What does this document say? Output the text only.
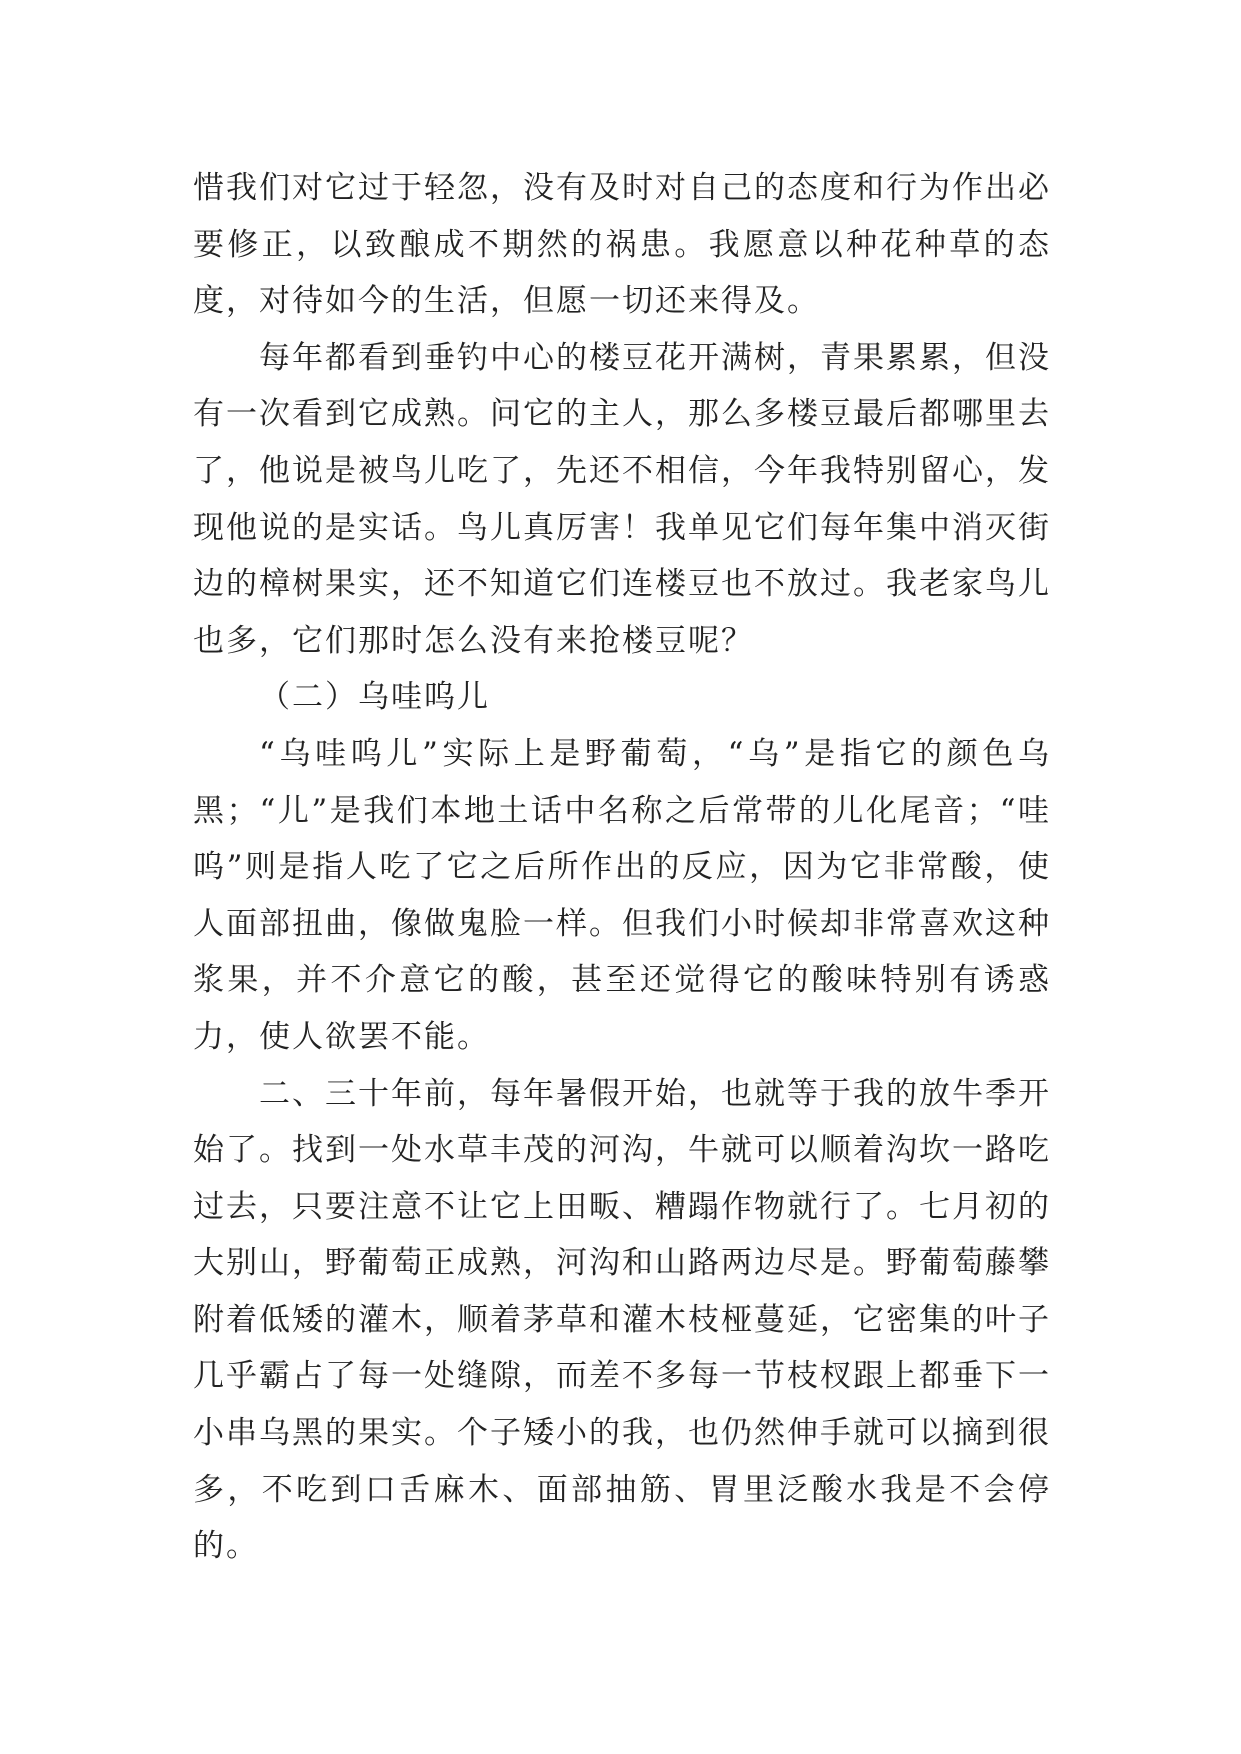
惜我们对它过于轻忽，没有及时对自己的态度和行为作出必要修正，以致酿成不期然的祸患。我愿意以种花种草的态度，对待如今的生活，但愿一切还来得及。

每年都看到垂钓中心的楼豆花开满树，青果累累，但没有一次看到它成熟。问它的主人，那么多楼豆最后都哪里去了，他说是被鸟儿吃了，先还不相信，今年我特别留心，发现他说的是实话。鸟儿真厉害！我单见它们每年集中消灭街边的樟树果实，还不知道它们连楼豆也不放过。我老家鸟儿也多，它们那时怎么没有来抢楼豆呢？

（二）乌哇呜儿

“乌哇呜儿”实际上是野葡萄，“乌”是指它的颜色乌黑；“儿”是我们本地土话中名称之后常带的儿化尾音；“哇呜”则是指人吃了它之后所作出的反应，因为它非常酸，使人面部扭曲，像做鬼脸一样。但我们小时候却非常喜欢这种浆果，并不介意它的酸，甚至还觉得它的酸味特别有诱惑力，使人欲罢不能。

二、三十年前，每年暑假开始，也就等于我的放牛季开始了。找到一处水草丰茂的河沟，牛就可以顺着沟坎一路吃过去，只要注意不让它上田畈、糟蹋作物就行了。七月初的大别山，野葡萄正成熟，河沟和山路两边尽是。野葡萄藤攀附着低矮的灌木，顺着茅草和灌木枝桠蔓延，它密集的叶子几乎霸占了每一处缝隙，而差不多每一节枝杈跟上都垂下一小串乌黑的果实。个子矮小的我，也仍然伸手就可以摘到很多，不吃到口舌麻木、面部抽筋、胃里泛酸水我是不会停的。
